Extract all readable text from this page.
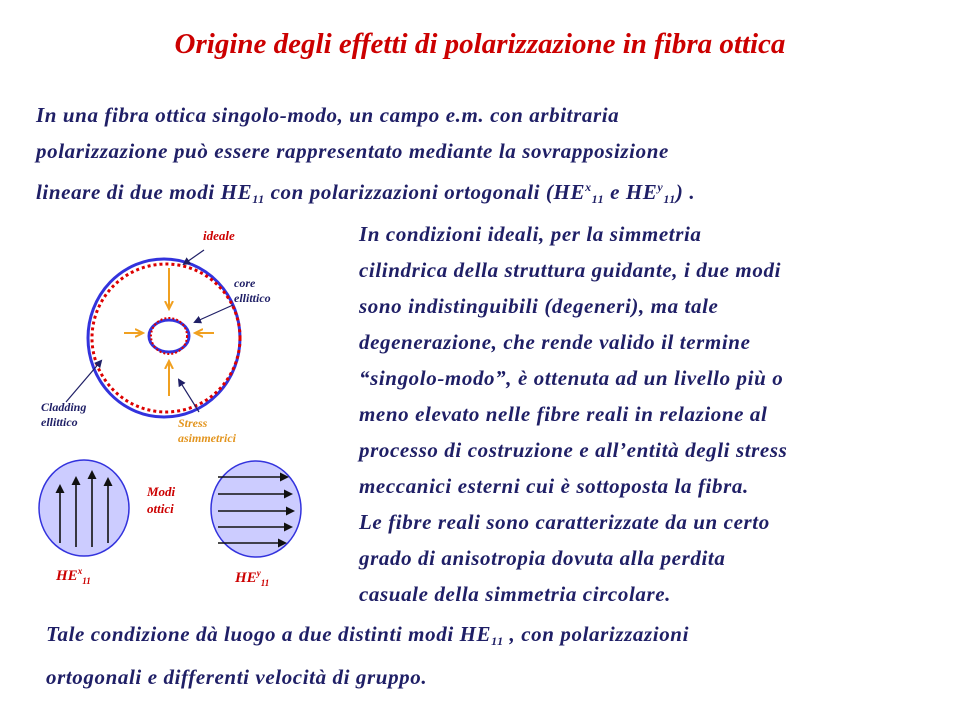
Origine degli effetti di polarizzazione in fibra ottica
In una fibra ottica singolo-modo, un campo e.m. con arbitraria
polarizzazione può essere rappresentato mediante la sovrapposizione
lineare di due modi $HE_{11}$ con polarizzazioni ortogonali ($HE^x_{11}$ e $HE^y_{11}$) .
In condizioni ideali, per la simmetria
cilindrica della struttura guidante, i due modi
sono indistinguibili (degeneri), ma tale
degenerazione, che rende valido il termine
“singolo-modo”, è ottenuta ad un livello più o
meno elevato nelle fibre reali in relazione al
processo di costruzione e all’entità degli stress
meccanici esterni cui è sottoposta la fibra.
Le fibre reali sono caratterizzate da un certo
grado di anisotropia dovuta alla perdita
casuale della simmetria circolare.
Tale condizione dà luogo a due distinti modi $HE_{11}$ , con polarizzazioni
ortogonali e differenti velocità di gruppo.
ideale
core
ellittico
Cladding
ellittico	Stress
asimmetrici
Modi
ottici
$HE^x_{11}$	$HE^y_{11}$
